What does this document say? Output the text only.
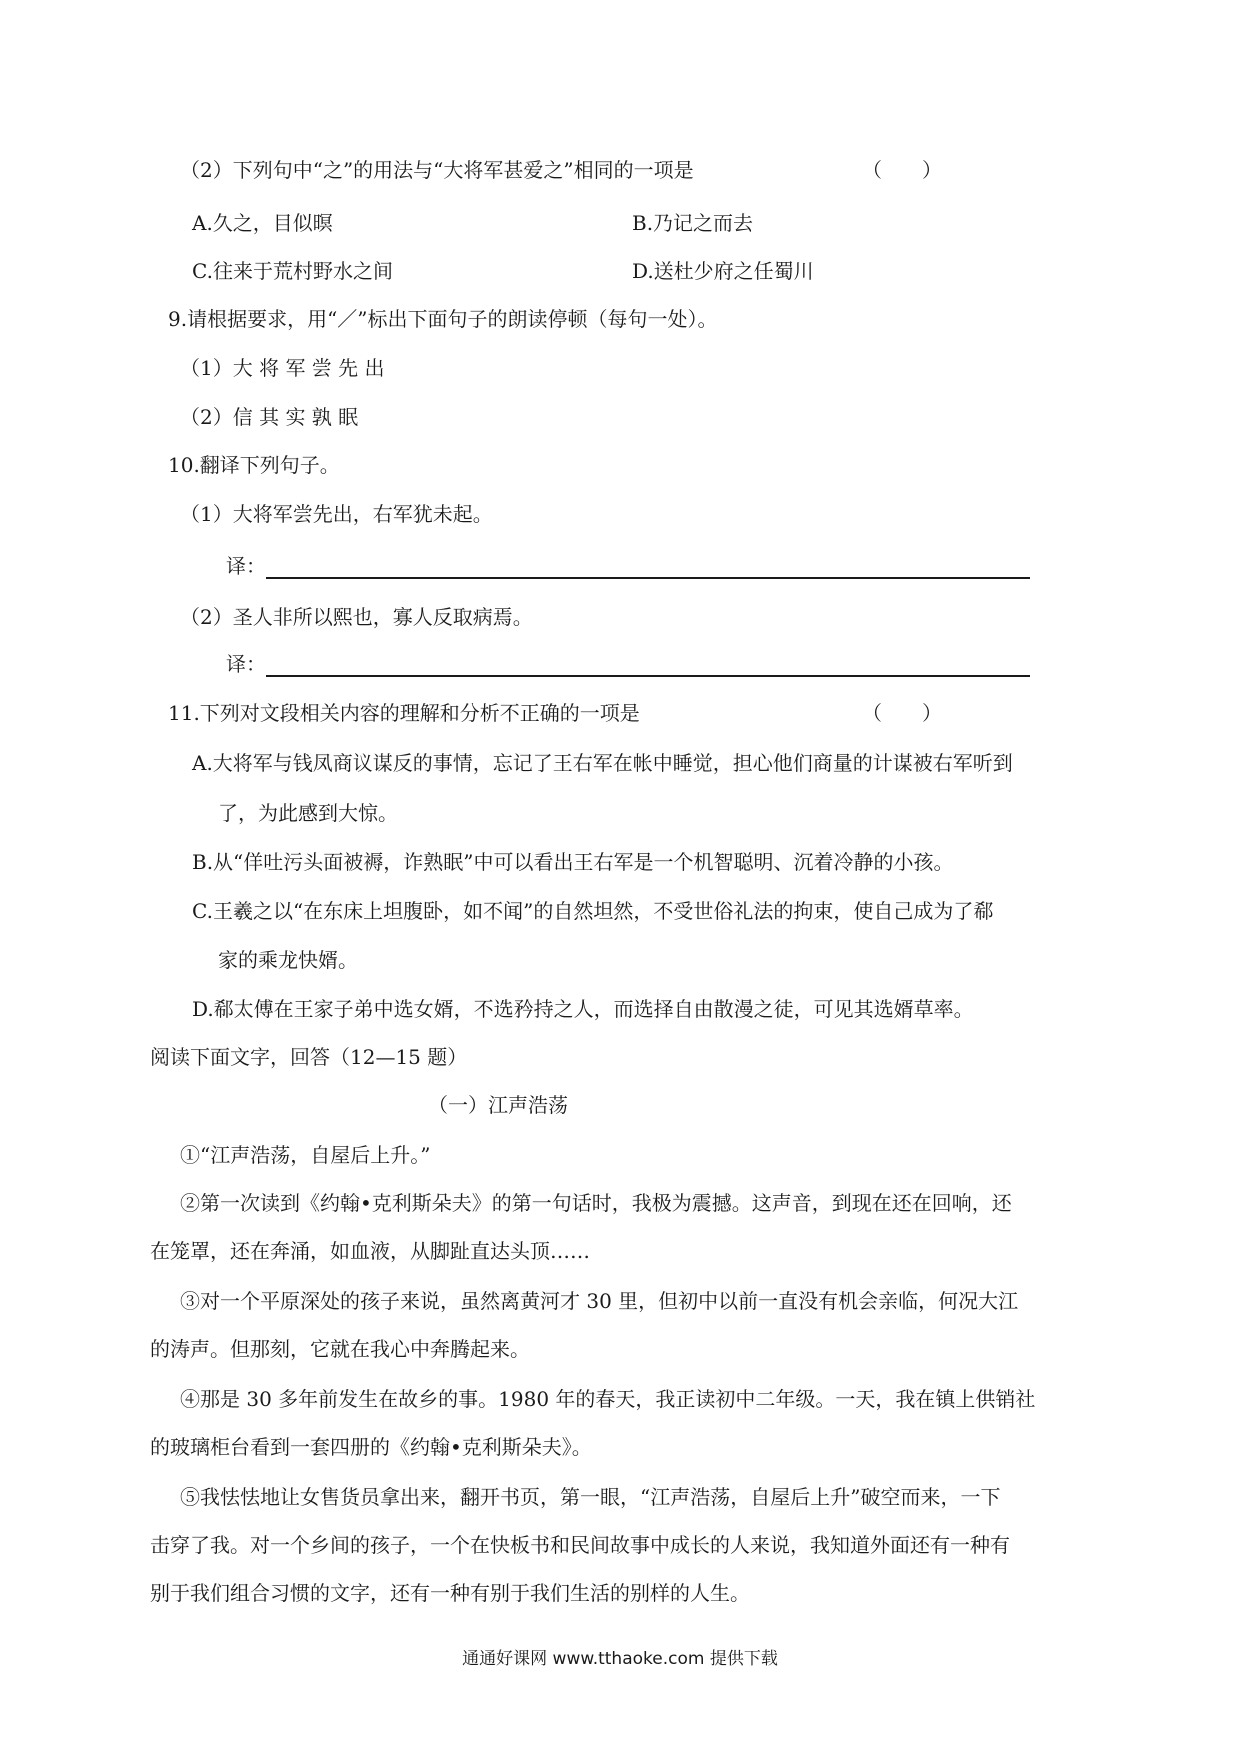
（2）下列句中“之”的用法与“大将军甚爱之”相同的一项是	（　　）
A.久之，目似暝	B.乃记之而去
C.往来于荒村野水之间	D.送杜少府之任蜀川
9.请根据要求，用“／”标出下面句子的朗读停顿（每句一处）。
（1）大 将 军 尝 先 出
（2）信 其 实 孰 眠
10.翻译下列句子。
（1）大将军尝先出，右军犹未起。
译：
（2）圣人非所以熙也，寡人反取病焉。
译：
11.下列对文段相关内容的理解和分析不正确的一项是	（　　）
A.大将军与钱凤商议谋反的事情，忘记了王右军在帐中睡觉，担心他们商量的计谋被右军听到
了，为此感到大惊。
B.从“佯吐污头面被褥，诈熟眠”中可以看出王右军是一个机智聪明、沉着冷静的小孩。
C.王羲之以“在东床上坦腹卧，如不闻”的自然坦然，不受世俗礼法的拘束，使自己成为了郗
家的乘龙快婿。
D.郗太傅在王家子弟中选女婿，不选矜持之人，而选择自由散漫之徒，可见其选婿草率。
阅读下面文字，回答（12—15 题）
（一）江声浩荡
①“江声浩荡，自屋后上升。”
②第一次读到《约翰•克利斯朵夫》的第一句话时，我极为震撼。这声音，到现在还在回响，还
在笼罩，还在奔涌，如血液，从脚趾直达头顶……
③对一个平原深处的孩子来说，虽然离黄河才 30 里，但初中以前一直没有机会亲临，何况大江
的涛声。但那刻，它就在我心中奔腾起来。
④那是 30 多年前发生在故乡的事。1980 年的春天，我正读初中二年级。一天，我在镇上供销社
的玻璃柜台看到一套四册的《约翰•克利斯朵夫》。
⑤我怯怯地让女售货员拿出来，翻开书页，第一眼，“江声浩荡，自屋后上升”破空而来，一下
击穿了我。对一个乡间的孩子，一个在快板书和民间故事中成长的人来说，我知道外面还有一种有
别于我们组合习惯的文字，还有一种有别于我们生活的别样的人生。
通通好课网 www.tthaoke.com 提供下载
